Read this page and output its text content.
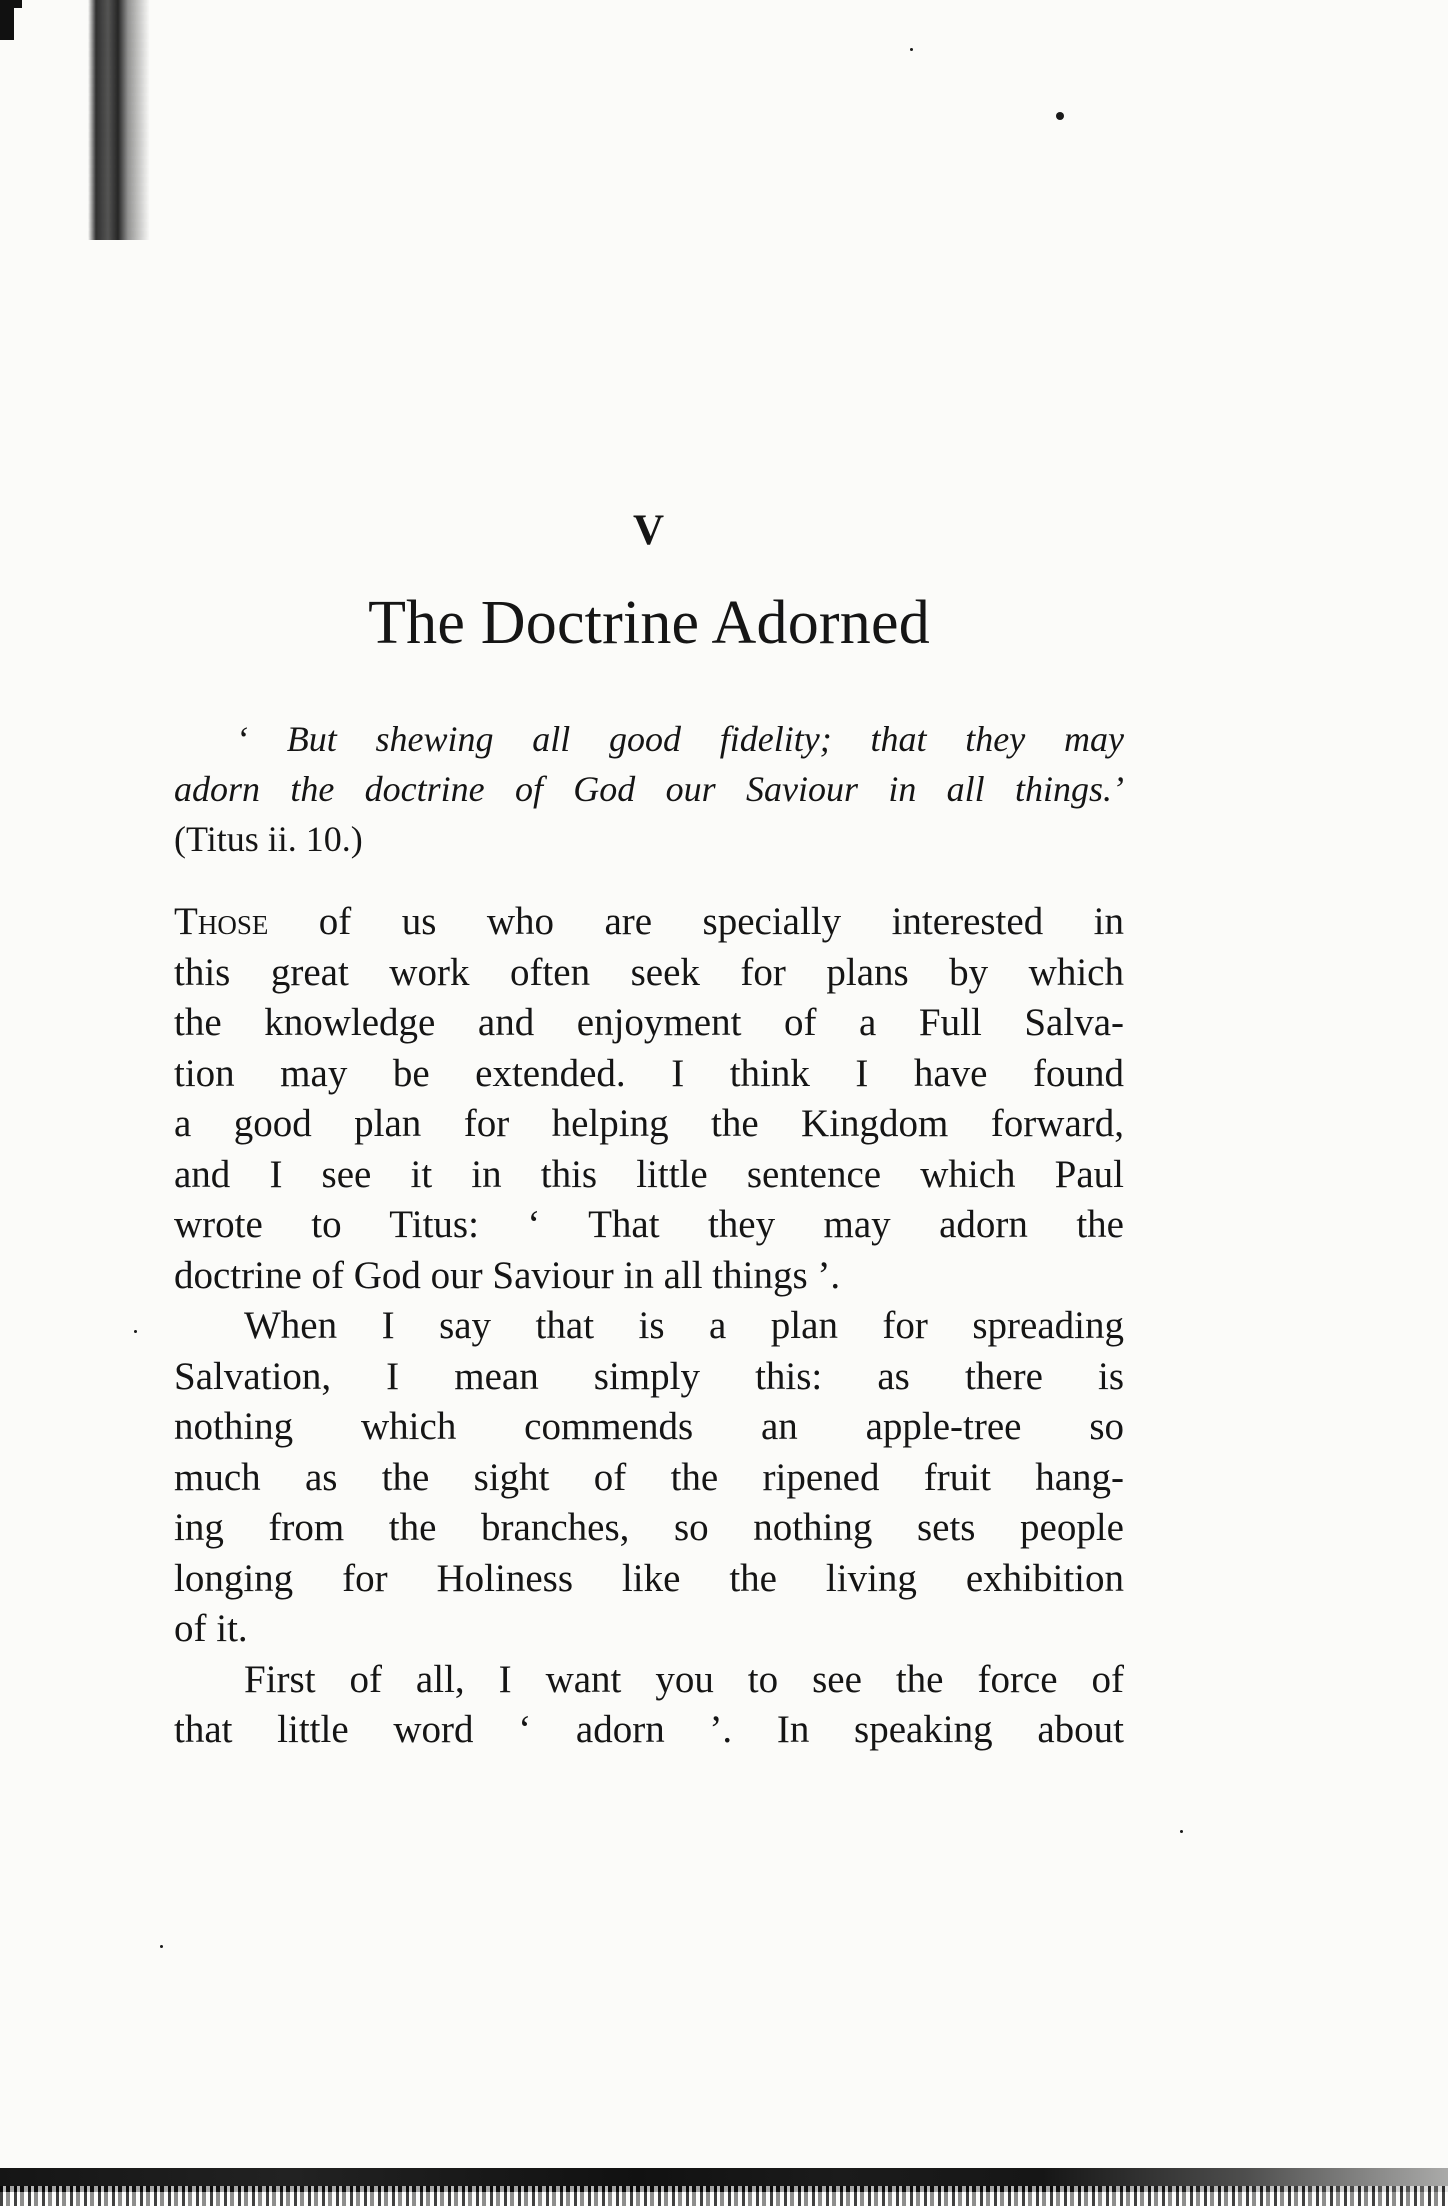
V
The Doctrine Adorned
‘ But shewing all good fidelity; that they may
adorn the doctrine of God our Saviour in all things.’
(Titus ii. 10.)
Those of us who are specially interested in
this great work often seek for plans by which
the knowledge and enjoyment of a Full Salva-
tion may be extended. I think I have found
a good plan for helping the Kingdom forward,
and I see it in this little sentence which Paul
wrote to Titus: ‘ That they may adorn the
doctrine of God our Saviour in all things ’.
When I say that is a plan for spreading
Salvation, I mean simply this: as there is
nothing which commends an apple-tree so
much as the sight of the ripened fruit hang-
ing from the branches, so nothing sets people
longing for Holiness like the living exhibition
of it.
First of all, I want you to see the force of
that little word ‘ adorn ’. In speaking about
